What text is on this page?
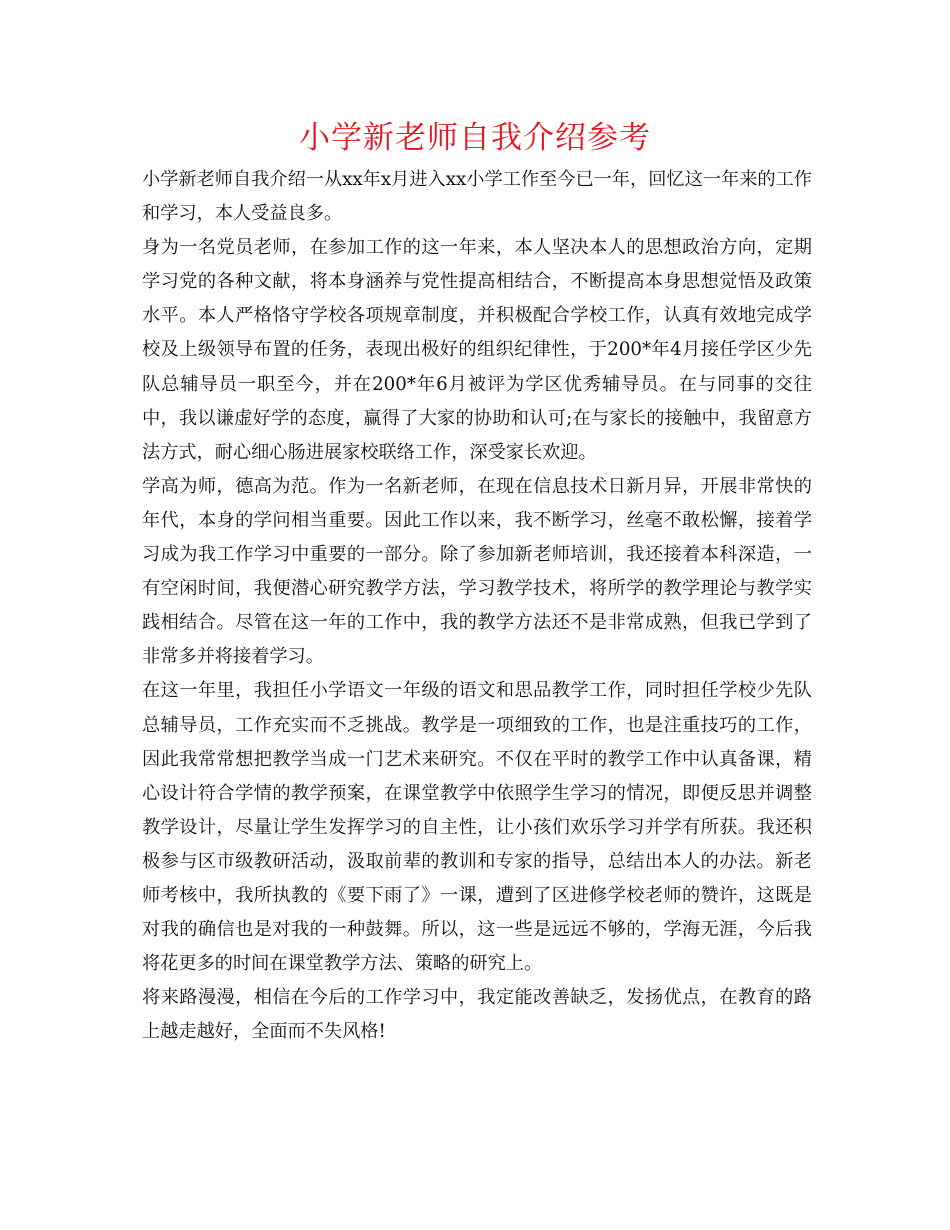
小学新老师自我介绍参考

小学新老师自我介绍一从xx年x月进入xx小学工作至今已一年，回忆这一年来的工作和学习，本人受益良多。

身为一名党员老师，在参加工作的这一年来，本人坚决本人的思想政治方向，定期学习党的各种文献，将本身涵养与党性提高相结合，不断提高本身思想觉悟及政策水平。本人严格恪守学校各项规章制度，并积极配合学校工作，认真有效地完成学校及上级领导布置的任务，表现出极好的组织纪律性，于200*年4月接任学区少先队总辅导员一职至今，并在200*年6月被评为学区优秀辅导员。在与同事的交往中，我以谦虚好学的态度，赢得了大家的协助和认可;在与家长的接触中，我留意方法方式，耐心细心肠进展家校联络工作，深受家长欢迎。

学高为师，德高为范。作为一名新老师，在现在信息技术日新月异，开展非常快的年代，本身的学问相当重要。因此工作以来，我不断学习，丝毫不敢松懈，接着学习成为我工作学习中重要的一部分。除了参加新老师培训，我还接着本科深造，一有空闲时间，我便潜心研究教学方法，学习教学技术，将所学的教学理论与教学实践相结合。尽管在这一年的工作中，我的教学方法还不是非常成熟，但我已学到了非常多并将接着学习。

在这一年里，我担任小学语文一年级的语文和思品教学工作，同时担任学校少先队总辅导员，工作充实而不乏挑战。教学是一项细致的工作，也是注重技巧的工作，因此我常常想把教学当成一门艺术来研究。不仅在平时的教学工作中认真备课，精心设计符合学情的教学预案，在课堂教学中依照学生学习的情况，即便反思并调整教学设计，尽量让学生发挥学习的自主性，让小孩们欢乐学习并学有所获。我还积极参与区市级教研活动，汲取前辈的教训和专家的指导，总结出本人的办法。新老师考核中，我所执教的《要下雨了》一课，遭到了区进修学校老师的赞许，这既是对我的确信也是对我的一种鼓舞。所以，这一些是远远不够的，学海无涯，今后我将花更多的时间在课堂教学方法、策略的研究上。

将来路漫漫，相信在今后的工作学习中，我定能改善缺乏，发扬优点，在教育的路上越走越好，全面而不失风格!
